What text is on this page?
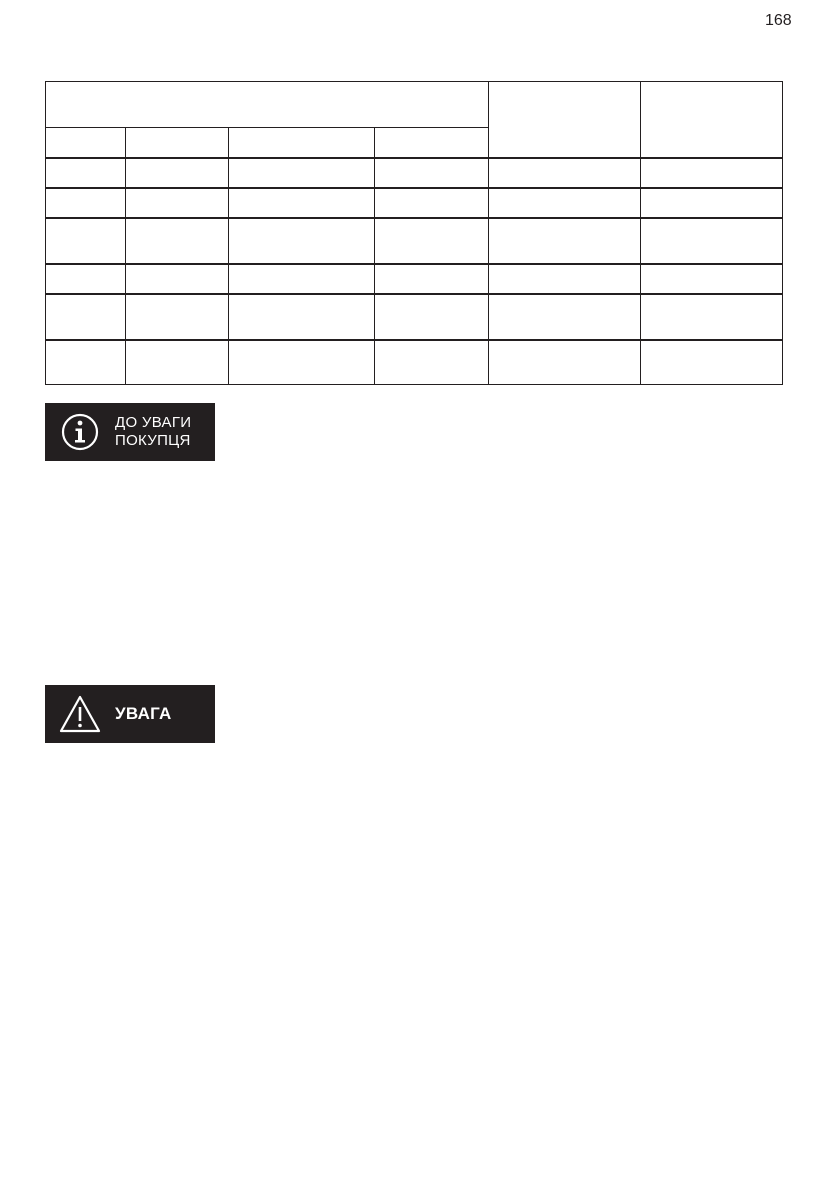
168

ДО УВАГИ
ПОКУПЦЯ
УВАГА
